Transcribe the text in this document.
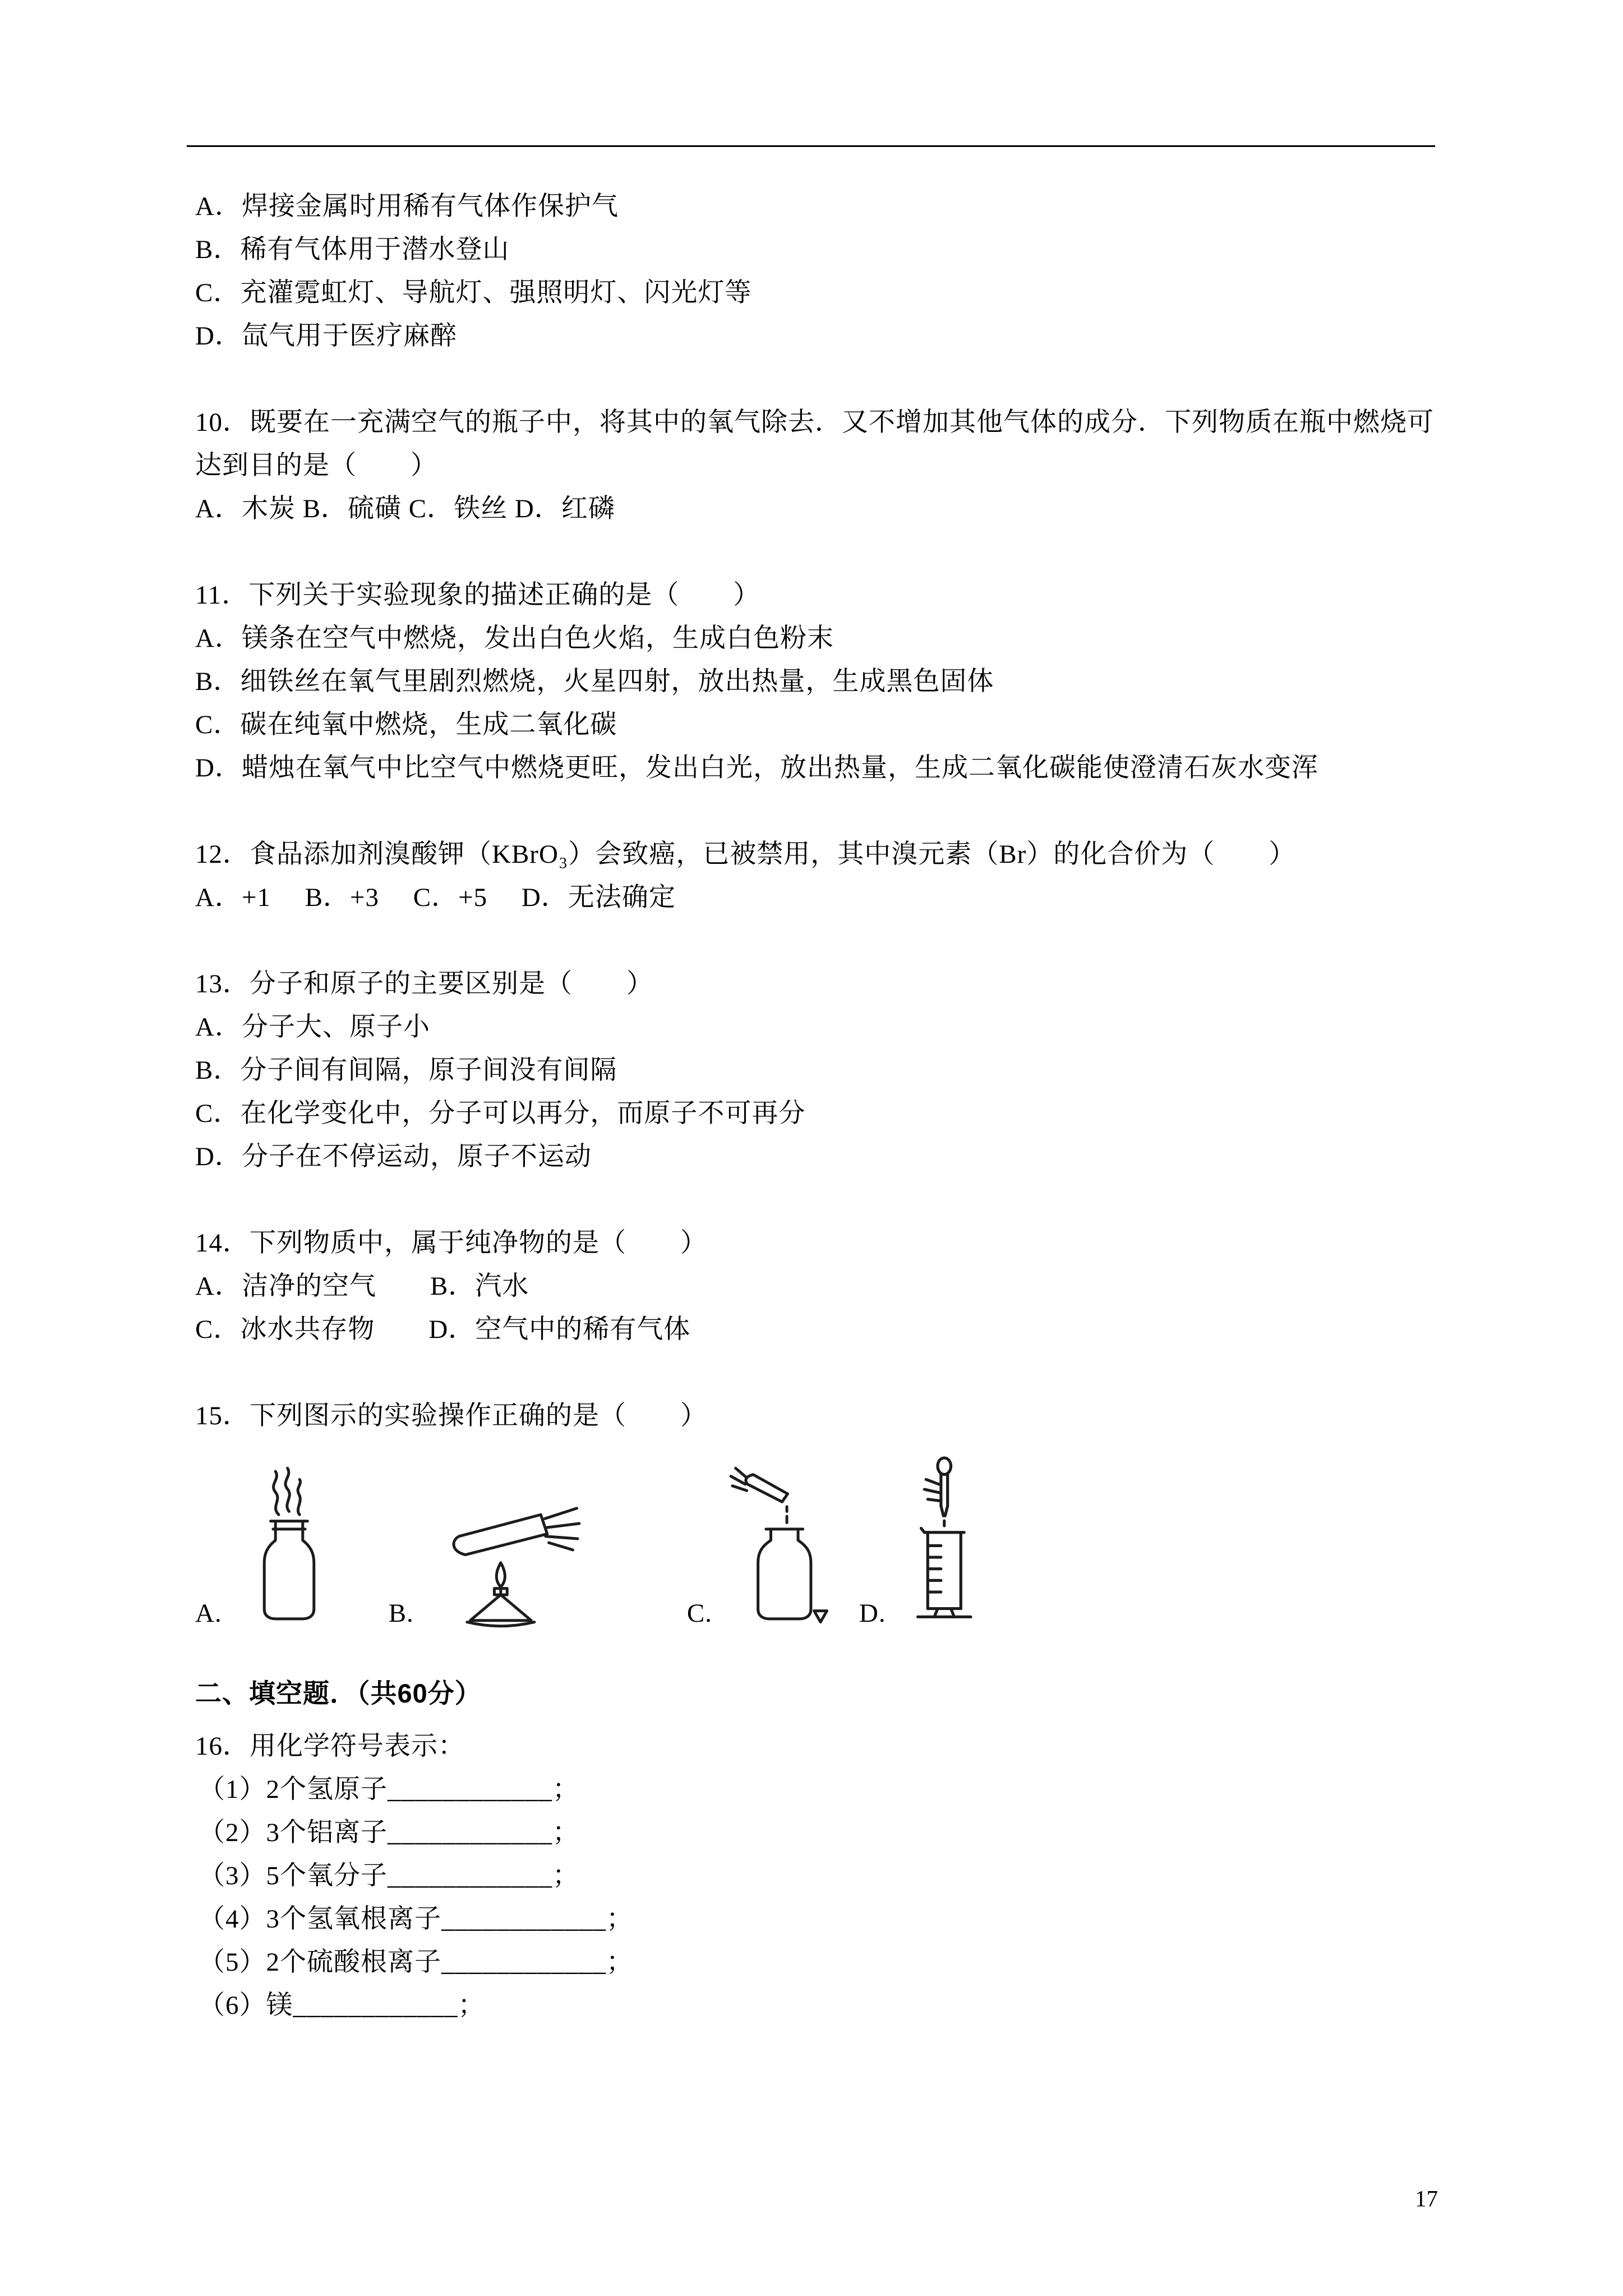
A．焊接金属时用稀有气体作保护气
B．稀有气体用于潜水登山
C．充灌霓虹灯、导航灯、强照明灯、闪光灯等
D．氙气用于医疗麻醉
10．既要在一充满空气的瓶子中，将其中的氧气除去．又不增加其他气体的成分．下列物质在瓶中燃烧可达到目的是（　　）
A．木炭 B．硫磺 C．铁丝 D．红磷
11．下列关于实验现象的描述正确的是（　　）
A．镁条在空气中燃烧，发出白色火焰，生成白色粉末
B．细铁丝在氧气里剧烈燃烧，火星四射，放出热量，生成黑色固体
C．碳在纯氧中燃烧，生成二氧化碳
D．蜡烛在氧气中比空气中燃烧更旺，发出白光，放出热量，生成二氧化碳能使澄清石灰水变浑
12．食品添加剂溴酸钾（KBrO₃）会致癌，已被禁用，其中溴元素（Br）的化合价为（　　）
A．+1　 B．+3　 C．+5　 D．无法确定
13．分子和原子的主要区别是（　　）
A．分子大、原子小
B．分子间有间隔，原子间没有间隔
C．在化学变化中，分子可以再分，而原子不可再分
D．分子在不停运动，原子不运动
14．下列物质中，属于纯净物的是（　　）
A．洁净的空气　　B．汽水
C．冰水共存物　　D．空气中的稀有气体
15．下列图示的实验操作正确的是（　　）
A.	B.	C.	D.
二、填空题．（共60分）
16．用化学符号表示：
（1）2个氢原子____________；
（2）3个铝离子____________；
（3）5个氧分子____________；
（4）3个氢氧根离子____________；
（5）2个硫酸根离子____________；
（6）镁____________；
17
